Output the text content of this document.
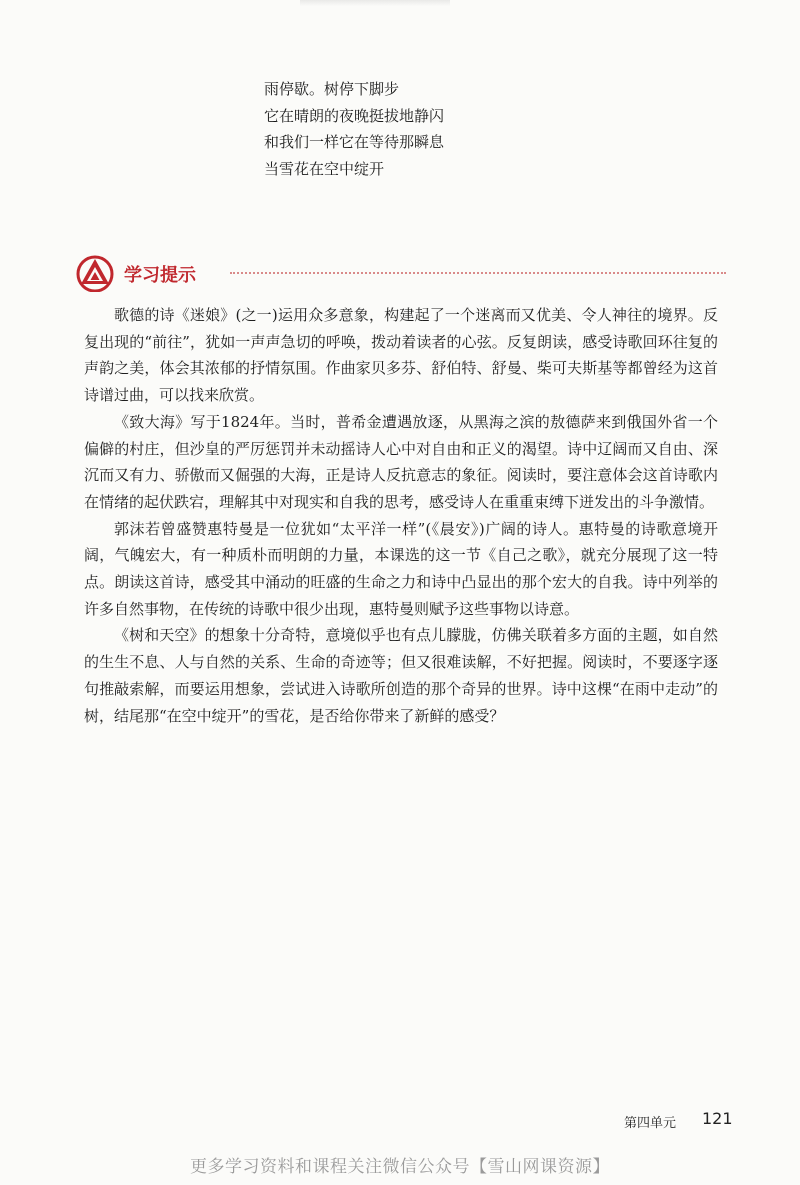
雨停歇。树停下脚步
它在晴朗的夜晚挺拔地静闪
和我们一样它在等待那瞬息
当雪花在空中绽开
学习提示

歌德的诗《迷娘》(之一)运用众多意象，构建起了一个迷离而又优美、令人神往的境界。反复出现的“前往”，犹如一声声急切的呼唤，拨动着读者的心弦。反复朗读，感受诗歌回环往复的声韵之美，体会其浓郁的抒情氛围。作曲家贝多芬、舒伯特、舒曼、柴可夫斯基等都曾经为这首诗谱过曲，可以找来欣赏。

《致大海》写于1824年。当时，普希金遭遇放逐，从黑海之滨的敖德萨来到俄国外省一个偏僻的村庄，但沙皇的严厉惩罚并未动摇诗人心中对自由和正义的渴望。诗中辽阔而又自由、深沉而又有力、骄傲而又倔强的大海，正是诗人反抗意志的象征。阅读时，要注意体会这首诗歌内在情绪的起伏跌宕，理解其中对现实和自我的思考，感受诗人在重重束缚下迸发出的斗争激情。

郭沫若曾盛赞惠特曼是一位犹如“太平洋一样”(《晨安》)广阔的诗人。惠特曼的诗歌意境开阔，气魄宏大，有一种质朴而明朗的力量，本课选的这一节《自己之歌》，就充分展现了这一特点。朗读这首诗，感受其中涌动的旺盛的生命之力和诗中凸显出的那个宏大的自我。诗中列举的许多自然事物，在传统的诗歌中很少出现，惠特曼则赋予这些事物以诗意。

《树和天空》的想象十分奇特，意境似乎也有点儿朦胧，仿佛关联着多方面的主题，如自然的生生不息、人与自然的关系、生命的奇迹等；但又很难读解，不好把握。阅读时，不要逐字逐句推敲索解，而要运用想象，尝试进入诗歌所创造的那个奇异的世界。诗中这棵“在雨中走动”的树，结尾那“在空中绽开”的雪花，是否给你带来了新鲜的感受？

第四单元 121
更多学习资料和课程关注微信公众号【雪山网课资源】
